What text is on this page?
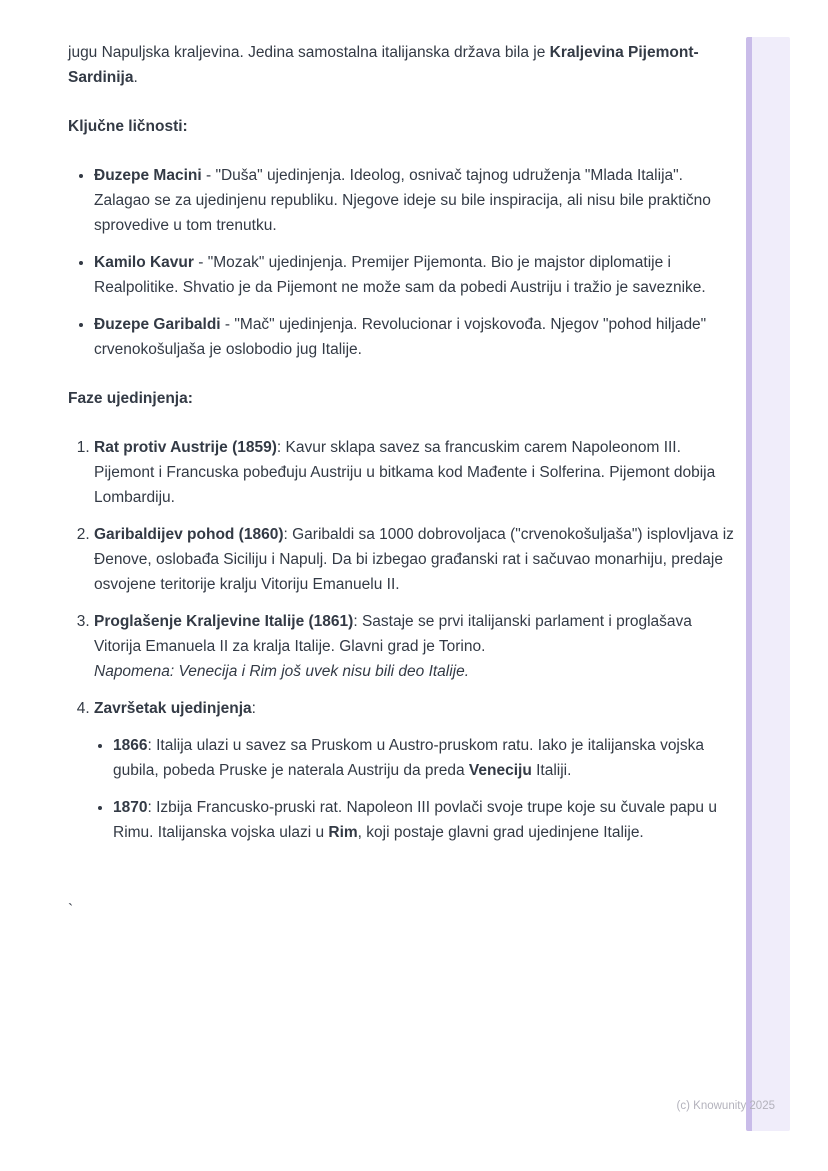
jugu Napuljska kraljevina. Jedina samostalna italijanska država bila je Kraljevina Pijemont-Sardinija.

Ključne ličnosti:
• Đuzepe Macini - "Duša" ujedinjenja. Ideolog, osnivač tajnog udruženja "Mlada Italija". Zalagao se za ujedinjenu republiku. Njegove ideje su bile inspiracija, ali nisu bile praktično sprovedive u tom trenutku.
• Kamilo Kavur - "Mozak" ujedinjenja. Premijer Pijemonta. Bio je majstor diplomatije i Realpolitike. Shvatio je da Pijemont ne može sam da pobedi Austriju i tražio je saveznike.
• Đuzepe Garibaldi - "Mač" ujedinjenja. Revolucionar i vojskovođa. Njegov "pohod hiljade" crvenokošuljaša je oslobodio jug Italije.
Faze ujedinjenja:
1. Rat protiv Austrije (1859): Kavur sklapa savez sa francuskim carem Napoleonom III. Pijemont i Francuska pobeđuju Austriju u bitkama kod Mađente i Solferina. Pijemont dobija Lombardiju.
2. Garibaldijev pohod (1860): Garibaldi sa 1000 dobrovoljaca ("crvenokošuljaša") isplovljava iz Đenove, oslobađa Siciliju i Napulj. Da bi izbegao građanski rat i sačuvao monarhiju, predaje osvojene teritorije kralju Vitoriju Emanuelu II.
3. Proglašenje Kraljevine Italije (1861): Sastaje se prvi italijanski parlament i proglašava Vitorija Emanuela II za kralja Italije. Glavni grad je Torino.
Napomena: Venecija i Rim još uvek nisu bili deo Italije.
4. Završetak ujedinjenja:
• 1866: Italija ulazi u savez sa Pruskom u Austro-pruskom ratu. Iako je italijanska vojska gubila, pobeda Pruske je naterala Austriju da preda Veneciju Italiji.
• 1870: Izbija Francusko-pruski rat. Napoleon III povlači svoje trupe koje su čuvale papu u Rimu. Italijanska vojska ulazi u Rim, koji postaje glavni grad ujedinjene Italije.
`
(c) Knowunity 2025
